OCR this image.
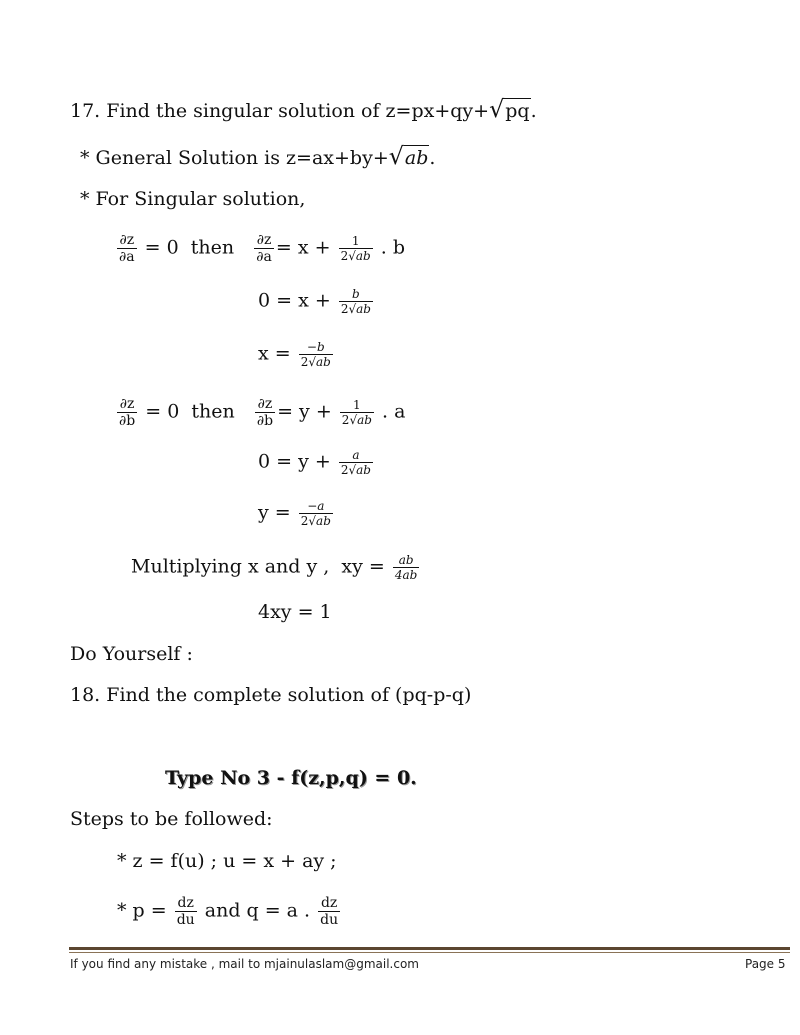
17. Find the singular solution of z=px+qy+ √ pq .
* General Solution is z=ax+by+ √ ab .
* For Singular solution,
$\frac{\partial z}{\partial a} = 0$ then $\frac{\partial z}{\partial a} = x + \frac{1}{2√ab}$ . b
$0 = x + \frac{b}{2√ab}$
$x = \frac{-b}{2√ab}$
$\frac{\partial z}{\partial b} = 0$ then $\frac{\partial z}{\partial b} = y + \frac{1}{2√ab}$ . a
$0 = y + \frac{a}{2√ab}$
$y = \frac{-a}{2√ab}$
Multiplying x and y , xy = $\frac{ab}{4ab}$
4xy = 1
Do Yourself :
18. Find the complete solution of (pq-p-q)
Type No 3 - f(z,p,q) = 0.
Steps to be followed:
* z = f(u) ; u = x + ay ;
* $p = \frac{dz}{du}$ and q = a . $\frac{dz}{du}$
If you find any mistake , mail to mjainulaslam@gmail.com	Page 5
